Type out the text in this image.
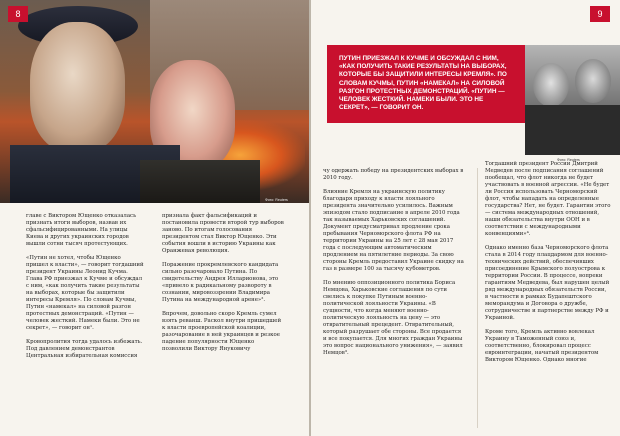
8
Фото: Reuters

главе с Виктором Ющенко отказалась признать итоги выборов, назвав их сфальсифицированными. На улицы Киева и других украинских городов вышли сотни тысяч протестующих.

«Путин не хотел, чтобы Ющенко пришел к власти», — говорит тогдашний президент Украины Леонид Кучма. Глава РФ приезжал к Кучме и обсуждал с ним, «как получить такие результаты на выборах, которые бы защитили интересы Кремля». По словам Кучмы, Путин «намекал» на силовой разгон протестных демонстраций. «Путин — человек жесткий. Намеки были. Это не секрет», — говорит он¹.

Кровопролития тогда удалось избежать. Под давлением демонстрантов Центральная избирательная комиссия

признала факт фальсификаций и постановила провести второй тур выборов заново. По итогам голосования президентом стал Виктор Ющенко. Эти события вошли в историю Украины как Оранжевая революция.

Поражение прокремлевского кандидата сильно разочаровало Путина. По свидетельству Андрея Илларионова, это «привело к радикальному развороту в сознании, мировоззрении Владимира Путина на международной арене»².

Впрочем, довольно скоро Кремль сумел взять реванш. Раскол внутри пришедшей к власти проевропейской коалиции, разочарование в ней украинцев и резкое падение популярности Ющенко позволили Виктору Януковичу

9
ПУТИН ПРИЕЗЖАЛ К КУЧМЕ И ОБСУЖДАЛ С НИМ, «КАК ПОЛУЧИТЬ ТАКИЕ РЕЗУЛЬТАТЫ НА ВЫБОРАХ, КОТОРЫЕ БЫ ЗАЩИТИЛИ ИНТЕРЕСЫ КРЕМЛЯ». ПО СЛОВАМ КУЧМЫ, ПУТИН «НАМЕКАЛ» НА СИЛОВОЙ РАЗГОН ПРОТЕСТНЫХ ДЕМОНСТРАЦИЙ. «ПУТИН — ЧЕЛОВЕК ЖЕСТКИЙ. НАМЕКИ БЫЛИ. ЭТО НЕ СЕКРЕТ», — ГОВОРИТ ОН.
Фото: Reuters

чу одержать победу на президентских выборах в 2010 году.

Влияние Кремля на украинскую политику благодаря приходу к власти лояльного президента значительно усилилось. Важным эпизодом стало подписание в апреле 2010 года так называемых Харьковских соглашений. Документ предусматривал продление срока пребывания Черноморского флота РФ на территории Украины на 25 лет с 28 мая 2017 года с последующим автоматическим продлением на пятилетние периоды. За свою стороны Кремль предоставил Украине скидку на газ в размере 100 за тысячу кубометров.

По мнению оппозиционного политика Бориса Немцова, Харьковские соглашения по сути свелись к покупке Путиным военно-политической лояльности Украины. «В сущности, что когда меняют военно-политическую лояльность на цену — это отвратительный прецедент. Отвратительный, который разрушает обе стороны. Все продается и все покупается. Для многих граждан Украины это вопрос национального унижения», — заявил Немцов³.

Тогдашний президент России Дмитрий Медведев после подписания соглашений пообещал, что флот никогда не будет участвовать в военной агрессии. «Не будет ли Россия использовать Черноморский флот, чтобы нападать на определенные государства? Нет, не будет. Гарантии этого — система международных отношений, наши обязательства внутри ООН и в соответствии с международными конвенциями»⁴.

Однако именно база Черноморского флота стала в 2014 году плацдармом для военно-технических действий, обеспечивших присоединение Крымского полуострова к территории России. В процессе, вопреки гарантиям Медведева, был нарушен целый ряд международных обязательств России, в частности в рамках Будапештского меморандума и Договора о дружбе, сотрудничестве и партнерстве между РФ и Украиной.

Кроме того, Кремль активно вовлекал Украину в Таможенный союз и, соответственно, блокировал процесс евроинтеграции, начатый президентом Виктором Ющенко. Однако многие
